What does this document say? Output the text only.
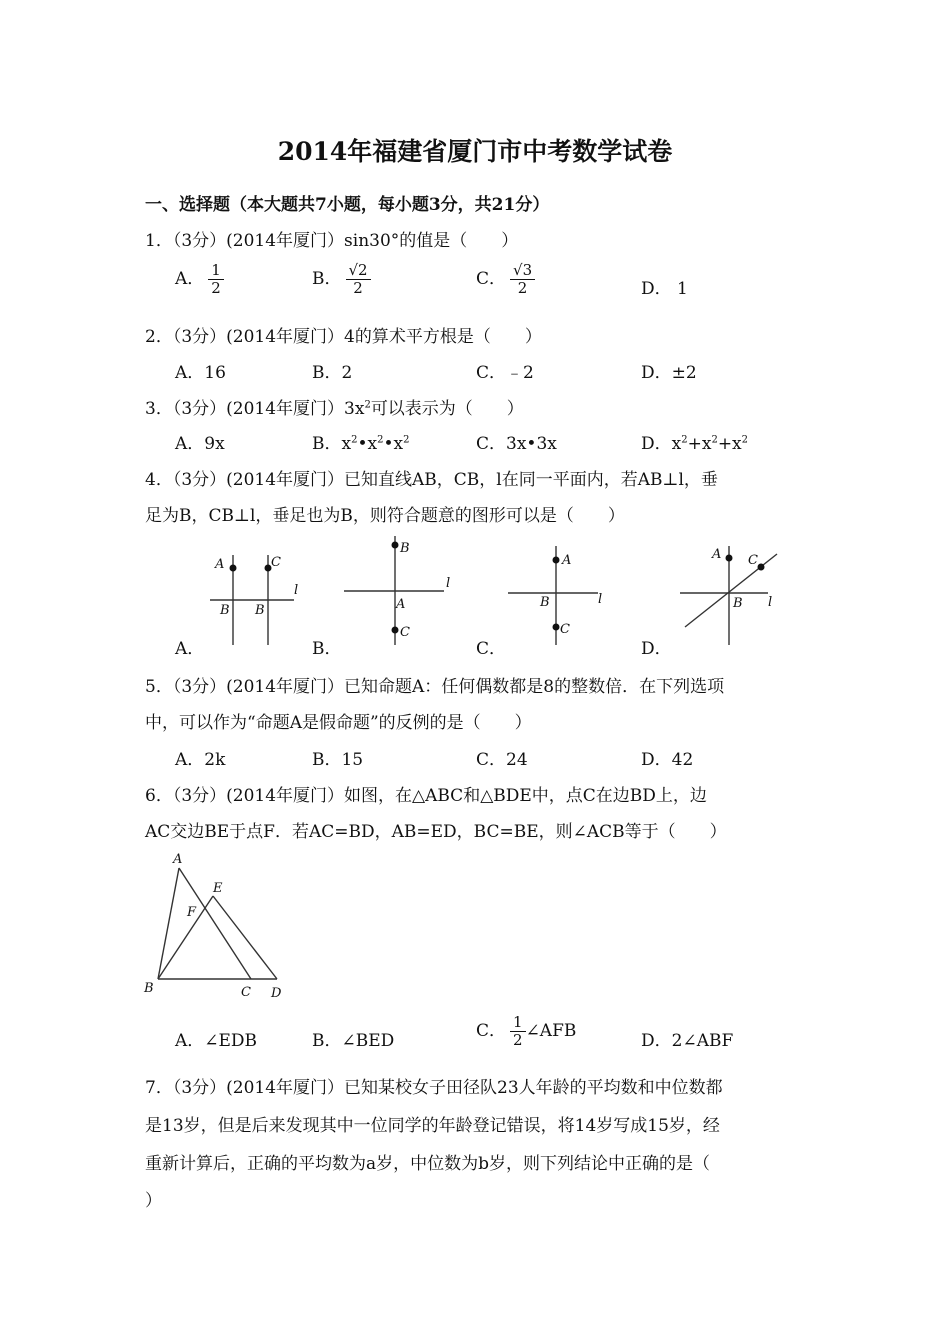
2014年福建省厦门市中考数学试卷
一、选择题（本大题共7小题，每小题3分，共21分）
1．（3分）(2014年厦门）sin30°的值是（　　）
A． $\frac{1}{2}$	B． $\frac{√2}{2}$	C． $\frac{√3}{2}$	D． 1
2．（3分）(2014年厦门）4的算术平方根是（　　）
A．16	B．2	C．﹣2	D．±2
3．（3分）(2014年厦门）$3x^2$可以表示为（　　）
A．9x	B．$x^2•x^2•x^2$	C．3x•3x	D．$x^2+x^2+x^2$
4．（3分）(2014年厦门）已知直线AB，CB，l在同一平面内，若AB⊥l，垂
足为B，CB⊥l，垂足也为B，则符合题意的图形可以是（　　）
A	C
B B
l
B
A
C
l
A
B
C
l
A C
B l
A．	B．	C．	D．
5．（3分）(2014年厦门）已知命题A：任何偶数都是8的整数倍．在下列选项
中，可以作为“命题A是假命题”的反例的是（　　）
A．2k	B．15	C．24	D．42
6．（3分）(2014年厦门）如图，在△ABC和△BDE中，点C在边BD上，边
AC交边BE于点F．若AC=BD，AB=ED，BC=BE，则∠ACB等于（　　）
A
E
F
B	C D
A．∠EDB	B．∠BED	C． $\frac{1}{2}$ ∠AFB	D．2∠ABF
7．（3分）(2014年厦门）已知某校女子田径队23人年龄的平均数和中位数都
是13岁，但是后来发现其中一位同学的年龄登记错误，将14岁写成15岁，经
重新计算后，正确的平均数为a岁，中位数为b岁，则下列结论中正确的是（
）
